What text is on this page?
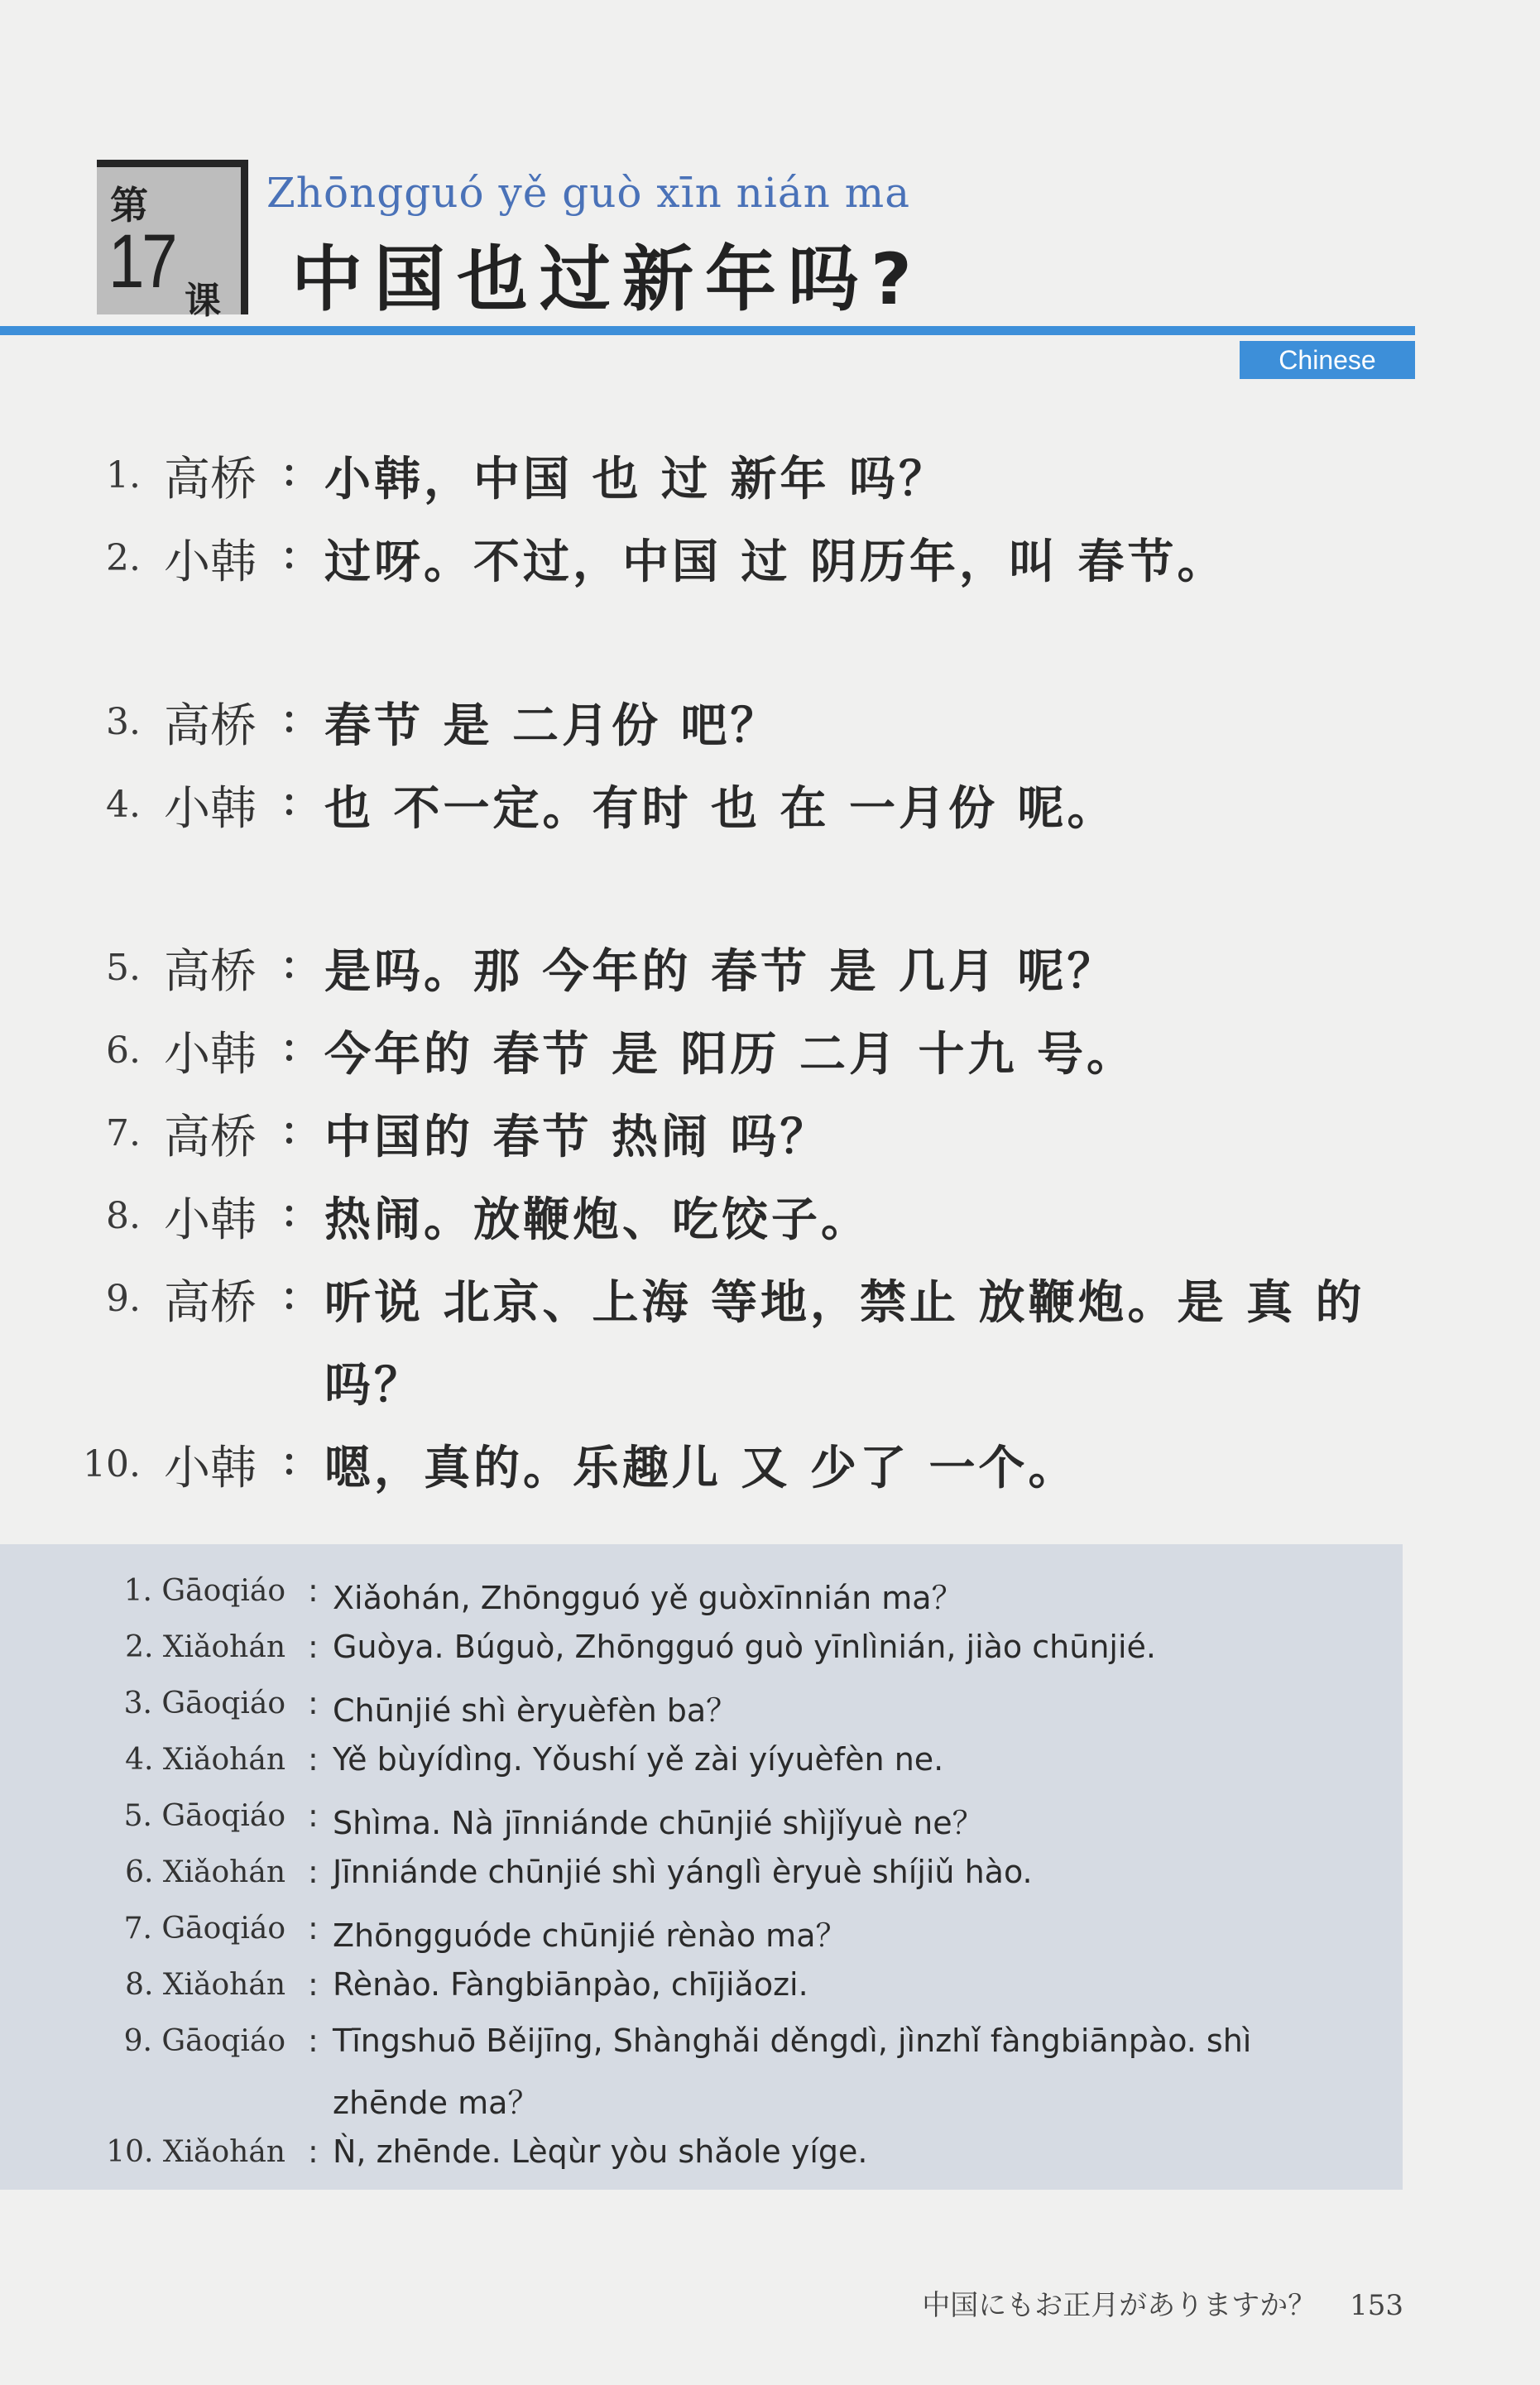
第
17 课
Zhōngguó yě guò xīn nián ma
中国也过新年吗?
Chinese
1. 高桥 : 小韩，中国 也 过 新年 吗？
2. 小韩 : 过呀。不过，中国 过 阴历年，叫 春节。
3. 高桥 : 春节 是 二月份 吧？
4. 小韩 : 也 不一定。有时 也 在 一月份 呢。
5. 高桥 : 是吗。那 今年的 春节 是 几月 呢？
6. 小韩 : 今年的 春节 是 阳历 二月 十九 号。
7. 高桥 : 中国的 春节 热闹 吗？
8. 小韩 : 热闹。放鞭炮、吃饺子。
9. 高桥 : 听说 北京、上海 等地，禁止 放鞭炮。是 真 的
吗？
10. 小韩 : 嗯，真的。乐趣儿 又 少了 一个。
1. Gāoqiáo : Xiǎohán, Zhōngguó yě guòxīnnián ma？
2. Xiǎohán : Guòya. Búguò, Zhōngguó guò yīnlìnián, jiào chūnjié.
3. Gāoqiáo : Chūnjié shì èryuèfèn ba？
4. Xiǎohán : Yě bùyídìng. Yǒushí yě zài yíyuèfèn ne.
5. Gāoqiáo : Shìma. Nà jīnniánde chūnjié shìjǐyuè ne？
6. Xiǎohán : Jīnniánde chūnjié shì yánglì èryuè shíjiǔ hào.
7. Gāoqiáo : Zhōngguóde chūnjié rènào ma？
8. Xiǎohán : Rènào. Fàngbiānpào, chījiǎozi.
9. Gāoqiáo : Tīngshuō Běijīng, Shànghǎi děngdì, jìnzhǐ fàngbiānpào. shì
zhēnde ma？
10. Xiǎohán : Ǹ, zhēnde. Lèqùr yòu shǎole yíge.
中国にもお正月がありますか？ 153
